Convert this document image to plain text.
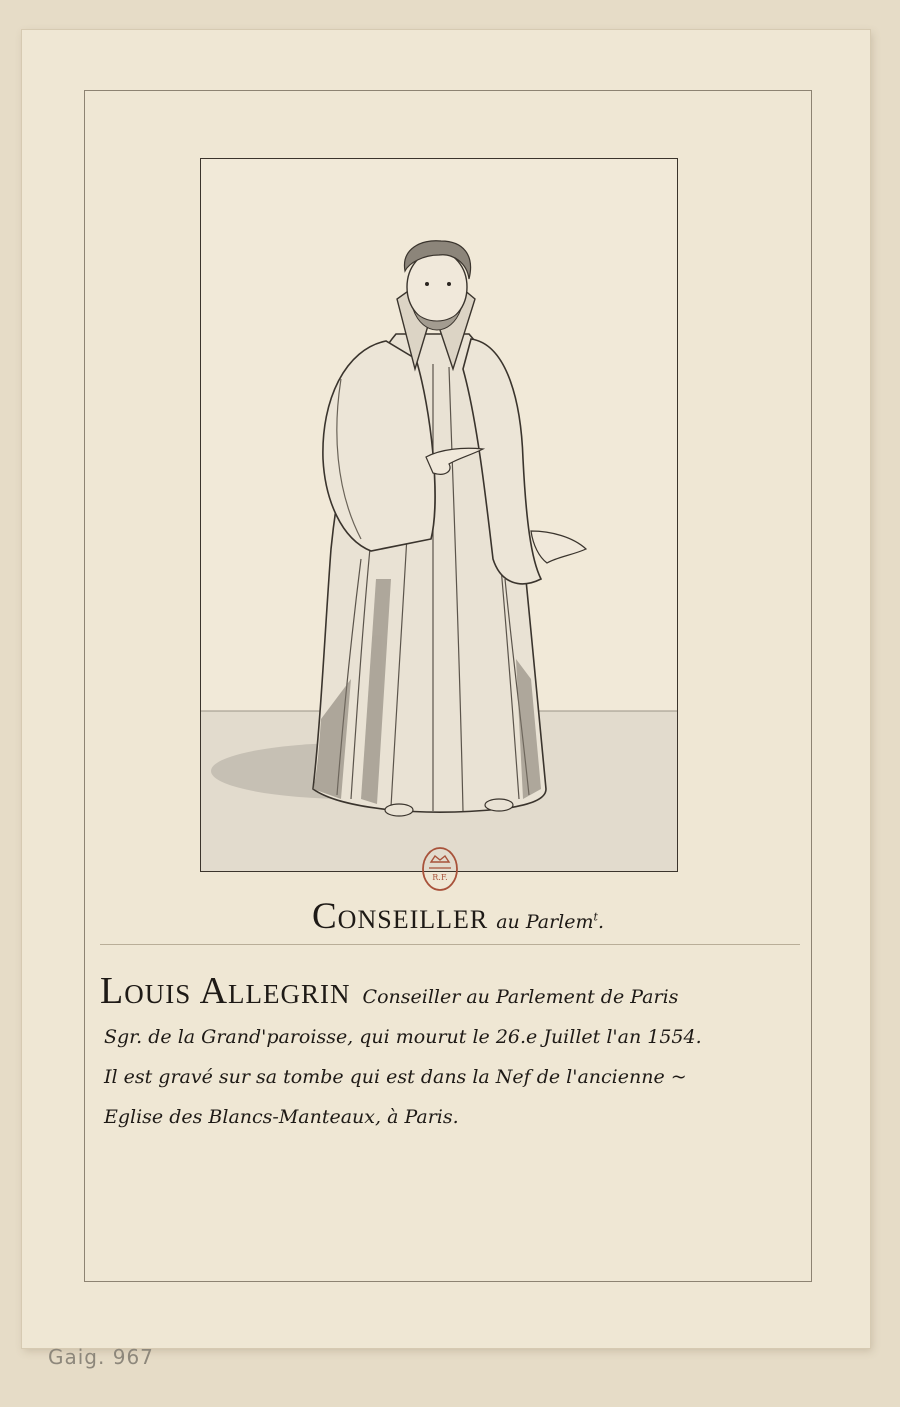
R.F.
Conseiller au Parlem$^t$.
Louis Allegrin Conseiller au Parlement de Paris
Sgr. de la Grand'paroisse, qui mourut le 26.e Juillet l'an 1554.
Il est gravé sur sa tombe qui est dans la Nef de l'ancienne ~
Eglise des Blancs-Manteaux, à Paris.
Gaig. 967
